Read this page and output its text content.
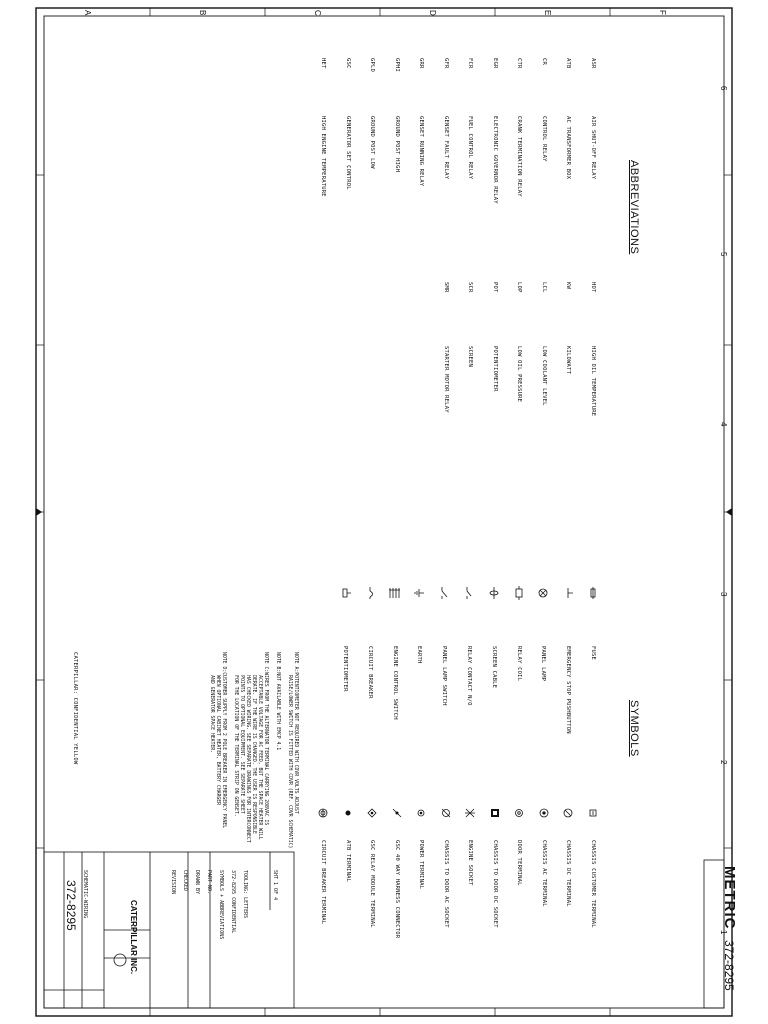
A	B	C	D	E	F
6
5
4
3
2
1
ABBREVIATIONS
ASR
AIR SHUT-OFF RELAY
ATB
AC TRANSFORMER BOX
CR
CONTROL RELAY
CTR
CRANK TERMINATION RELAY
EGR
ELECTRONIC GOVERNOR RELAY
FCR
FUEL CONTROL RELAY
GFR
GENSET FAULT RELAY
GRR
GENSET RUNNING RELAY
GPHI
GROUND POST HIGH
GPLO
GROUND POST LOW
GSC
GENERATOR SET CONTROL
HET
HIGH ENGINE TEMPERATURE
HOT
HIGH OIL TEMPERATURE
KW
KILOWATT
LCL
LOW COOLANT LEVEL
LOP
LOW OIL PRESSURE
POT
POTENTIOMETER
SCR
SCREEN
SMR
STARTER MOTOR RELAY
SYMBOLS
FUSE
EMERGENCY STOP PUSHBUTTON
PANEL LAMP
RELAY COIL
SCREEN CABLE
RELAY CONTACT N/O
PANEL LAMP SWITCH
EARTH
ENGINE CONTROL SWITCH
CIRCUIT BREAKER
POTENTIOMETER
CHASSIS CUSTOMER TERMINAL
CHASSIS DC TERMINAL
CHASSIS AC TERMINAL
DOOR TERMINAL
CHASSIS TO DOOR DC SOCKET
ENGINE SOCKET
CHASSIS TO DOOR AC SOCKET
POWER TERMINAL
GSC 40 WAY HARNESS CONNECTOR
GSC RELAY MODULE TERMINAL
ATB TERMINAL
CIRCUIT BREAKER TERMINAL
NOTE A:POTENTIOMETER NOT REQUIRED WITH CDVR VOLTS ADJUST
RAISE/LOWER SWITCH IS FITTED WITH CDVR (REF. CDVR SCHEMATIC)
NOTE B:NOT AVAILABLE WITH EMCP 4.1
NOTE C:WIRES FROM THE ALTERNATOR TERMINAL CARRYING 208VAC IS
ACCEPTABLE VOLTAGE FOR AC FEED, BUT THE SPACE HEATER WILL
DERATE. IF THE WIRE IS CHANGED. THE USER IS RESPONSIBLE
HAS CHECKED WIRING. SEE SEPARATE DRAWINGS FOR INTERCONNECT
POINTS TO OPTIONAL EQUIPMENT. SEE SEPARATE SHEET
FOR THE LOCATION OF THE TERMINAL STRIP ON GENSET.
NOTE D:CUSTOMER SUPPLY FROM 2 POLE BREAKER IN EMERGENCY PANEL
WHEN OPTIONAL CABINET HEATER, BATTERY CHARGER
AND GENERATOR SPACE HEATER.
CATERPILLAR: CONFIDENTIAL YELLOW
METRIC
372-8295
372-8295	CATERPILLAR INC.
SHT 1 OF 4
TOOLING: LETTERS
372-8295 CONFIDENTIAL
SYMBOLS + ABBREVIATIONS
PART NO.
DRAWN BY
CHECKED
REVISION
SCHEMATIC-WIRING
